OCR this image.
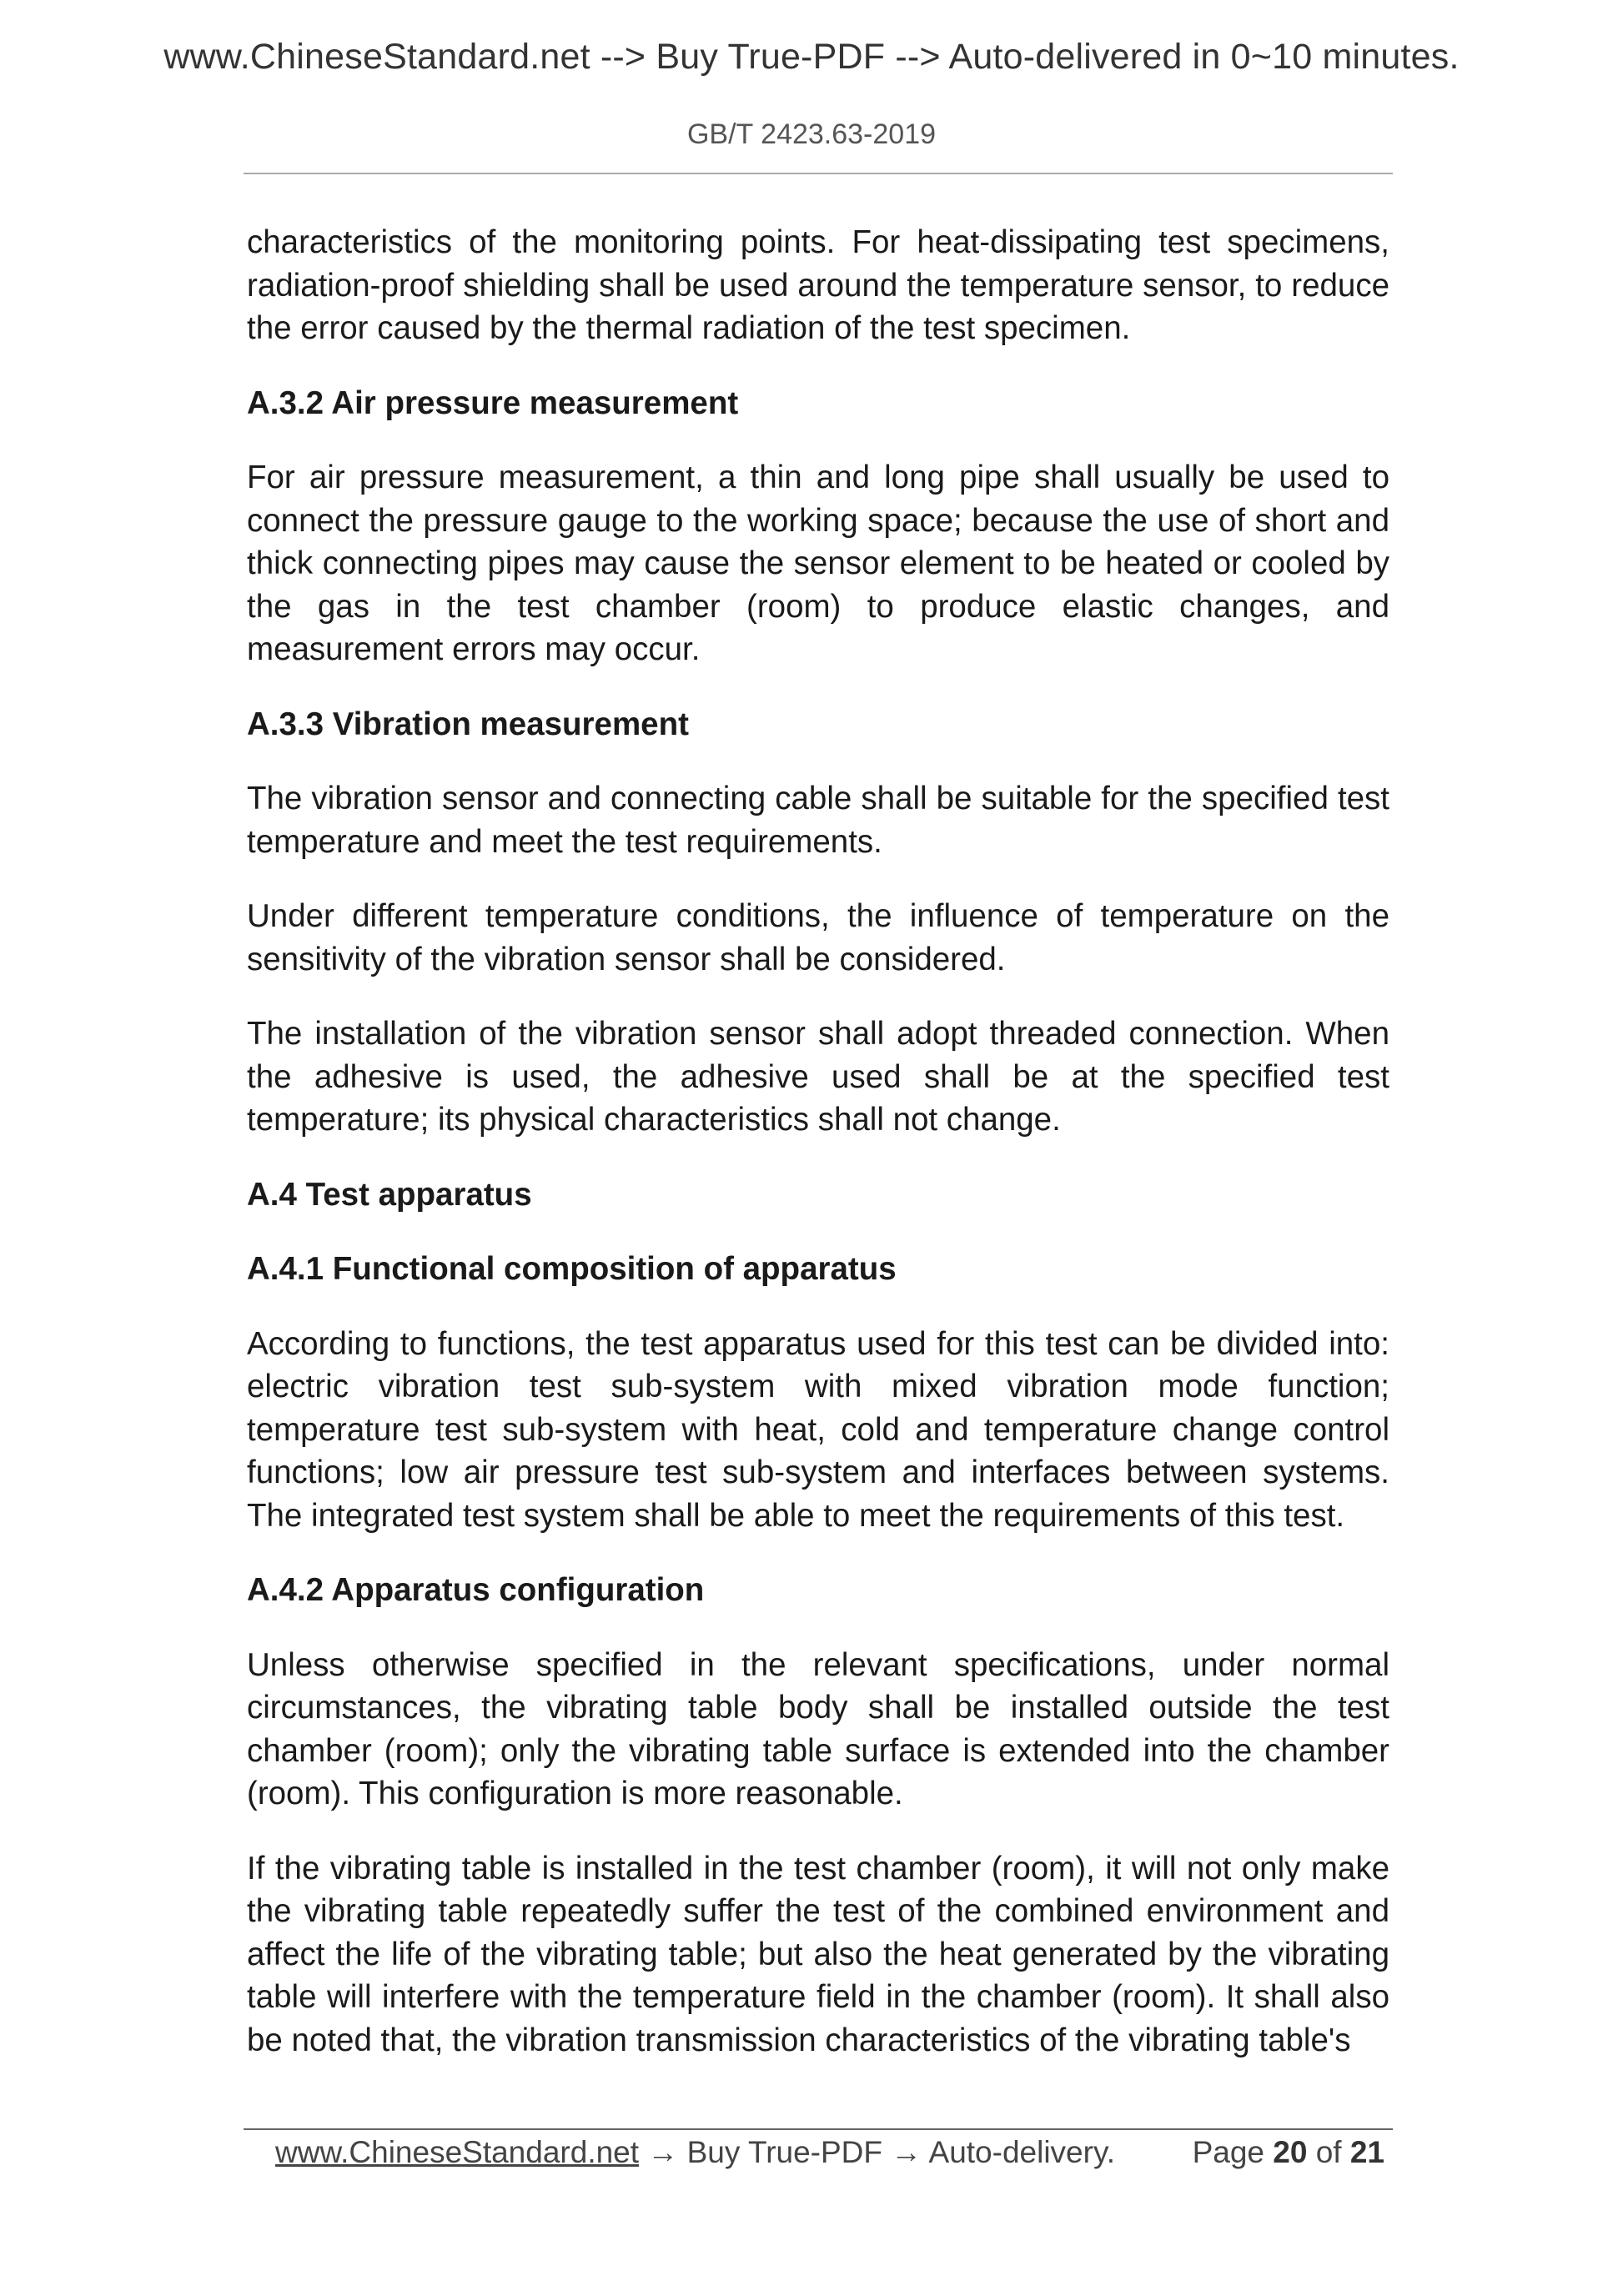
www.ChineseStandard.net --> Buy True-PDF --> Auto-delivered in 0~10 minutes.
GB/T 2423.63-2019

characteristics of the monitoring points. For heat-dissipating test specimens, radiation-proof shielding shall be used around the temperature sensor, to reduce the error caused by the thermal radiation of the test specimen.

A.3.2 Air pressure measurement

For air pressure measurement, a thin and long pipe shall usually be used to connect the pressure gauge to the working space; because the use of short and thick connecting pipes may cause the sensor element to be heated or cooled by the gas in the test chamber (room) to produce elastic changes, and measurement errors may occur.

A.3.3 Vibration measurement

The vibration sensor and connecting cable shall be suitable for the specified test temperature and meet the test requirements.

Under different temperature conditions, the influence of temperature on the sensitivity of the vibration sensor shall be considered.

The installation of the vibration sensor shall adopt threaded connection. When the adhesive is used, the adhesive used shall be at the specified test temperature; its physical characteristics shall not change.

A.4 Test apparatus

A.4.1 Functional composition of apparatus

According to functions, the test apparatus used for this test can be divided into: electric vibration test sub-system with mixed vibration mode function; temperature test sub-system with heat, cold and temperature change control functions; low air pressure test sub-system and interfaces between systems. The integrated test system shall be able to meet the requirements of this test.

A.4.2 Apparatus configuration

Unless otherwise specified in the relevant specifications, under normal circumstances, the vibrating table body shall be installed outside the test chamber (room); only the vibrating table surface is extended into the chamber (room). This configuration is more reasonable.

If the vibrating table is installed in the test chamber (room), it will not only make the vibrating table repeatedly suffer the test of the combined environment and affect the life of the vibrating table; but also the heat generated by the vibrating table will interfere with the temperature field in the chamber (room). It shall also be noted that, the vibration transmission characteristics of the vibrating table's

www.ChineseStandard.net → Buy True-PDF → Auto-delivery.	Page 20 of 21
